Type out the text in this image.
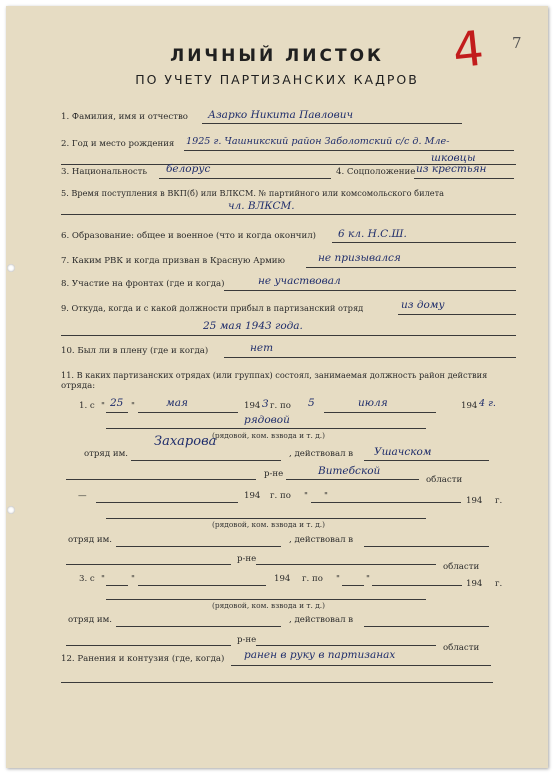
ЛИЧНЫЙ ЛИСТОК
ПО УЧЕТУ ПАРТИЗАНСКИХ КАДРОВ
4 7
1. Фамилия, имя и отчество Азарко Никита Павлович
2. Год и место рождения 1925 г. Чашникский район Заболотский с/с д. Мле-
шковцы
3. Национальность белорус	4. Соцположение из крестьян
5. Время поступления в ВКП(б) или ВЛКСМ. № партийного или комсомольского билета
чл. ВЛКСМ.
6. Образование: общее и военное (что и когда окончил) 6 кл. Н.С.Ш.
7. Каким РВК и когда призван в Красную Армию	не призывался
8. Участие на фронтах (где и когда)	не участвовал
9. Откуда, когда и с какой должности прибыл в партизанский отряд	из дому
25 мая 1943 года.
10. Был ли в плену (где и когда)	нет
11. В каких партизанских отрядах (или группах) состоял, занимаемая должность район действия
отряда:
1. с " 25 "	мая	194 3 г. по 5	июля	194 4 г.
рядовой
(рядовой, ком. взвода и т. д.)
отряд им.
Захарова
, действовал в Ушачском
р-не	Витебской
области
—	194 г. по " "	194 г.
(рядовой, ком. взвода и т. д.)
отряд им.	, действовал в
р-не
области
3. с "	"	194 г. по "	"	194 г.
(рядовой, ком. взвода и т. д.)
отряд им.	, действовал в
р-не
области
12. Ранения и контузия (где, когда) ранен в руку в партизанах
